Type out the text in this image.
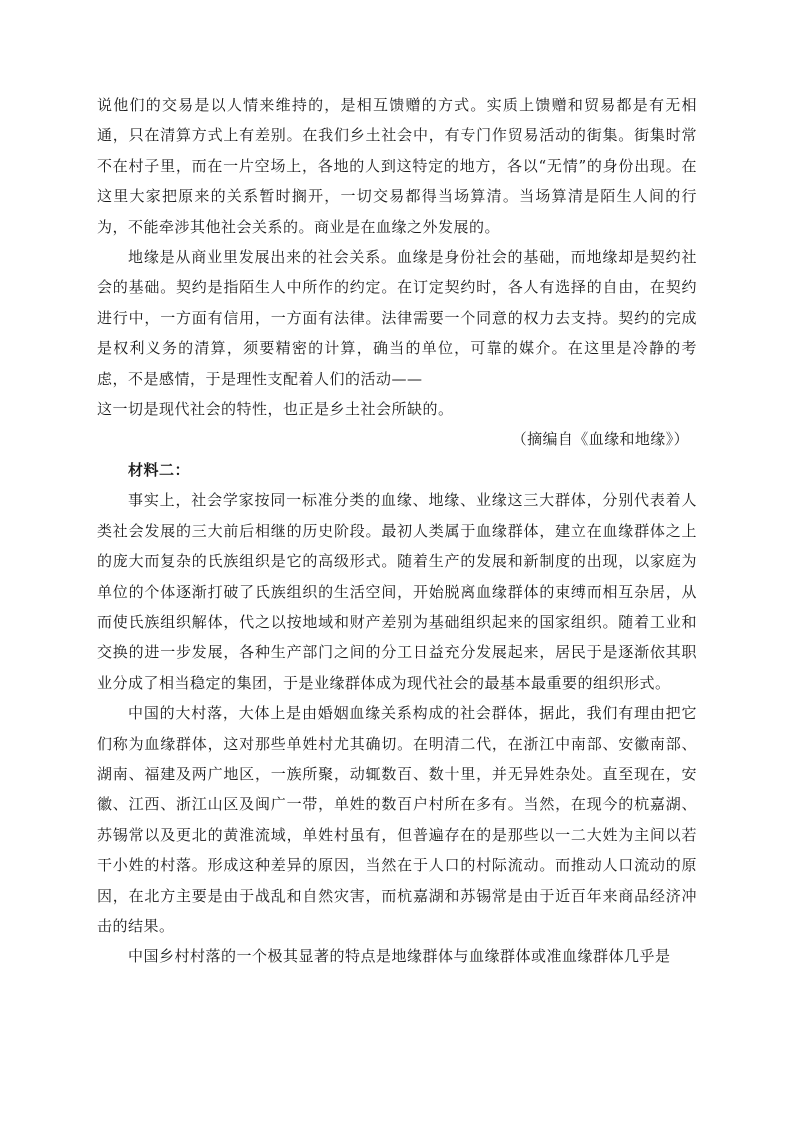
说他们的交易是以人情来维持的，是相互馈赠的方式。实质上馈赠和贸易都是有无相通，只在清算方式上有差别。在我们乡土社会中，有专门作贸易活动的街集。街集时常不在村子里，而在一片空场上，各地的人到这特定的地方，各以“无情”的身份出现。在这里大家把原来的关系暂时搁开，一切交易都得当场算清。当场算清是陌生人间的行为，不能牵涉其他社会关系的。商业是在血缘之外发展的。

地缘是从商业里发展出来的社会关系。血缘是身份社会的基础，而地缘却是契约社会的基础。契约是指陌生人中所作的约定。在订定契约时，各人有选择的自由，在契约进行中，一方面有信用，一方面有法律。法律需要一个同意的权力去支持。契约的完成是权利义务的清算，须要精密的计算，确当的单位，可靠的媒介。在这里是冷静的考虑，不是感情，于是理性支配着人们的活动——

这一切是现代社会的特性，也正是乡土社会所缺的。

（摘编自《血缘和地缘》）

材料二：

事实上，社会学家按同一标准分类的血缘、地缘、业缘这三大群体，分别代表着人类社会发展的三大前后相继的历史阶段。最初人类属于血缘群体，建立在血缘群体之上的庞大而复杂的氏族组织是它的高级形式。随着生产的发展和新制度的出现，以家庭为单位的个体逐渐打破了氏族组织的生活空间，开始脱离血缘群体的束缚而相互杂居，从而使氏族组织解体，代之以按地域和财产差别为基础组织起来的国家组织。随着工业和交换的进一步发展，各种生产部门之间的分工日益充分发展起来，居民于是逐渐依其职业分成了相当稳定的集团，于是业缘群体成为现代社会的最基本最重要的组织形式。

中国的大村落，大体上是由婚姻血缘关系构成的社会群体，据此，我们有理由把它们称为血缘群体，这对那些单姓村尤其确切。在明清二代，在浙江中南部、安徽南部、湖南、福建及两广地区，一族所聚，动辄数百、数十里，并无异姓杂处。直至现在，安徽、江西、浙江山区及闽广一带，单姓的数百户村所在多有。当然，在现今的杭嘉湖、苏锡常以及更北的黄淮流域，单姓村虽有，但普遍存在的是那些以一二大姓为主间以若干小姓的村落。形成这种差异的原因，当然在于人口的村际流动。而推动人口流动的原因，在北方主要是由于战乱和自然灾害，而杭嘉湖和苏锡常是由于近百年来商品经济冲击的结果。

中国乡村村落的一个极其显著的特点是地缘群体与血缘群体或准血缘群体几乎是
